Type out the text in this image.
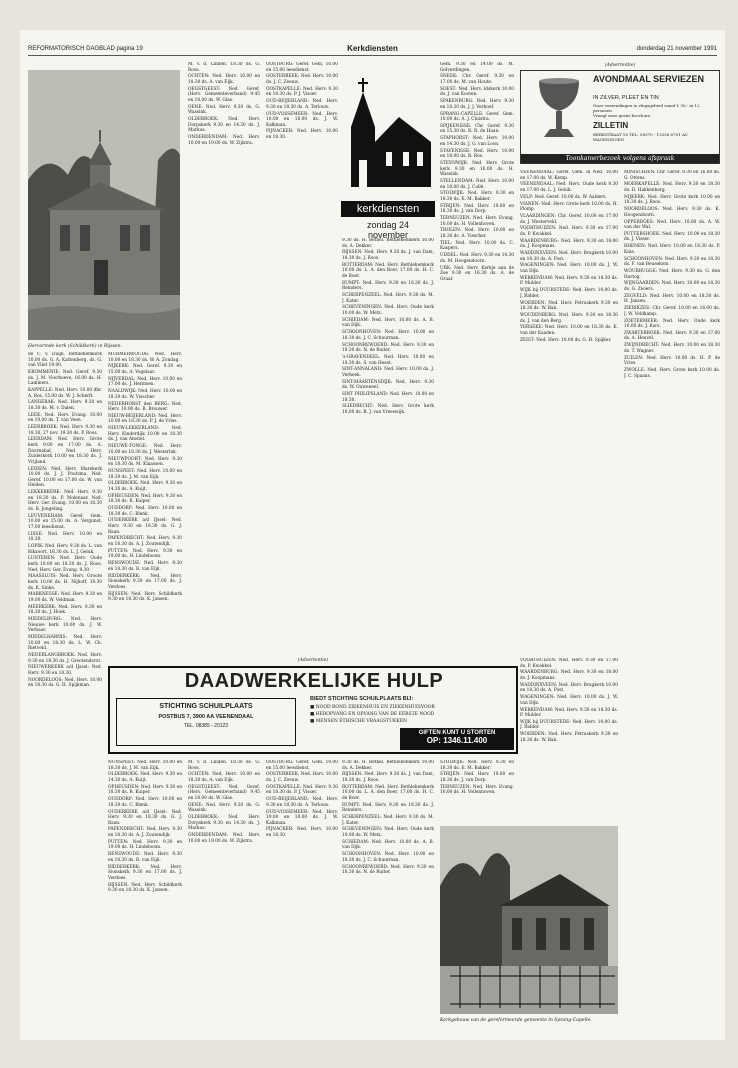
REFORMATORISCH DAGBLAD pagina 19	Kerkdiensten	donderdag 21 november 1991
Hervormde kerk (Schildkerk) in Rijssen.

de C. v. Duijn. Bethlehemkerk 10.00 ds. G. A. Kattenberg, ds. G. van Vliet 19.00.

KROMMENIE: Ned. Geref. 9.30 ds. J. M. Voorhoeve, 16.00 ds. H. Lammers.

KAPPELLE: Ned. Herv. 10.00 dhr. A. Ros, 15.00 ds. W. J. Scherft.

LANGERAK: Ned. Herv. 9.30 en 18.30 ds. M. v. Dalen.

LEEK: Ned. Herv. Evang. 10.00 en 19.00 ds. T. van Veen.

LEERBROEK: Ned. Herv. 9.30 en 18.30, 27 nov. 19.30 ds. P. Roos.

LEERDAM: Ned. Herv. Grote kerk 9.00 en 17.00 ds. A. Doornebal, Ned. Herv. Zuiderkerk 10.00 en 18.30 ds. J. Vrijland.

LEIDEN: Ned. Herv. Marekerk 10.00 ds. J. J. Poutsma, Ned. Geref. 10.00 en 17.00 ds. W. van Helden.

LEKKERKERK: Ned. Herv. 9.30 en 18.30 ds. P. Molenaar. Ned. Herv. Ger. Evang. 10.00 en 18.30 ds. B. Jongeling.

LEUVENEHAM: Geref. Gem. 10.00 en 15.00 ds. A. Vergunst, 17.00 leesdienst.

LISSE: Ned. Herv. 10.00 en 18.30.

LOPIK: Ned. Herv. 9.30 ds. L. van Rikxoort, 18.30 ds. L. J. Geluk.

LUNTEREN: Ned. Herv. Oude kerk 10.00 en 18.30 ds. J. Roos. Ned. Herv. Ger. Evang. 9.30.

MAASSLUIS: Ned. Herv. Groote kerk 10.00 ds. H. Nijhoff, 18.30 ds. K. Sinke.

MARKNESSE: Ned. Herv. 9.30 en 19.00 ds. W. Veldman.

MEERKERK: Ned. Herv. 9.30 en 18.30 ds. J. Hoek.

MIDDELBURG: Ned. Herv. Nieuwe kerk 10.00 ds. J. W. Verhaar.

MIDDELHARNIS: Ned. Herv. 10.00 en 18.30 ds. L. W. Ch. Rietveld.

NEDERLANGBROEK: Ned. Herv. 9.30 en 18.30 ds. J. Grootendorst.

NIEUWERKERK a/d IJssel: Ned. Herv. 9.30 en 18.30.

NOORDELOOS: Ned. Herv. 10.00 en 18.30 ds. G. H. Spijkman.

MURMERWOUDE: Ned. Herv. 10.00 en 18.30 ds. W. A. Zondag.

NIJKERK: Ned. Geref. 9.30 en 15.00 ds. A. Vogelaar.

NIJVERDAL: Ned. Herv. 10.00 en 17.00 ds. J. Hermsen.

NAALDWIJK: Ned. Herv. 10.00 en 18.30 ds. W. Visscher.

NEDERHORST den BERG: Ned. Herv. 10.00 ds. R. Brouwer.

NIEUW-BEIJERLAND: Ned. Herv. 10.00 en 18.30 ds. P. J. de Vries.

NIEUW-LEKKERLAND: Ned. Herv. Kinderdijk 10.00 en 18.30 ds. J. van Amstel.

NIEUWE-TONGE: Ned. Herv. 10.00 en 18.30 ds. J. Westerink.

NIEUWPOORT: Ned. Herv. 9.30 en 18.30 ds. M. Klaassen.

NUNSPEET: Ned. Herv. 10.00 en 18.30 ds. J. M. van Eijk.

OLDEBROEK: Ned. Herv. 9.30 en 14.30 ds. A. Kuijt.

OPHEUSDEN: Ned. Herv. 9.30 en 18.30 ds. R. Kuiper.

OUDDORP: Ned. Herv. 10.00 en 18.30 ds. C. Blenk.

OUDERKERK a/d IJssel: Ned. Herv. 9.30 en 18.30 ds. G. J. Baan.

PAPENDRECHT: Ned. Herv. 9.30 en 18.30 ds. A. J. Zoutendijk.

PUTTEN: Ned. Herv. 9.30 en 19.00 ds. H. Lindeboom.

RENSWOUDE: Ned. Herv. 9.30 en 18.30 ds. B. van Eijk.

RIDDERKERK: Ned. Herv. Sionskerk 9.30 en 17.00 ds. J. Verdoes.

RIJSSEN: Ned. Herv. Schildkerk 9.30 en 18.30 ds. K. Jansen.

M. v. d. Linden. 18.30 ds. G. Roos.

OCHTEN: Ned. Herv. 10.00 en 18.30 ds. A. van Eijk.

OEGSTGEEST: Ned. Geref. (Herv. Gemeenteverband) 9.45 en 18.00 ds. W. Glas.

OENE: Ned. Herv. 9.30 ds. G. Wassink.

OLDEBROEK: Ned. Herv. Dorpskerk 9.30 en 14.30 ds. J. Markus.

ONDERDENDAM: Ned. Herv. 10.00 en 19.00 ds. W. Zijlstra.

OOSTBURG: Geref. Gem. 10.00 en 15.00 leesdienst.

OOSTERBEEK: Ned. Herv. 10.00 ds. J. C. Zeeuw.

OOSTKAPELLE: Ned. Herv. 9.30 en 18.30 ds. P. J. Visser.

OUD-BEIJERLAND: Ned. Herv. 9.30 en 18.30 ds. A. Terlouw.

OUD-VOSSEMEER: Ned. Herv. 10.00 en 18.00 ds. J. W. Kalkman.

PIJNACKER: Ned. Herv. 10.00 en 18.30.

kerkdiensten
zondag 24 november

9.30 ds. H. Bethel. Bethlehemkerk 10.00 ds. A. Dekker.

RIJSSEN: Ned. Herv. 9.30 ds. J. van Dam, 18.30 ds. J. Roos.

ROTTERDAM: Ned. Herv. Bethlehemkerk 10.00 ds. L. A. den Boer, 17.00 ds. H. C. de Boer.

RUMPT: Ned. Herv. 9.30 en 18.30 ds. J. Reinders.

SCHERPENZEEL: Ned. Herv. 9.30 ds. M. J. Kater.

SCHEVENINGEN: Ned. Herv. Oude kerk 10.00 ds. W. Metz.

SCHIEDAM: Ned. Herv. 10.00 ds. A. B. van Dijk.

SCHOONHOVEN: Ned. Herv. 10.00 en 18.30 ds. J. C. Schuurman.

SCHOONREWOERD: Ned. Herv. 9.30 en 18.30 ds. N. de Ruiter.

's-GRAVENDEEL: Ned. Herv. 10.00 en 18.30 ds. S. van Heest.

SINT-ANNALAND: Ned. Herv. 10.00 ds. J. Verbeek.

SINT-MAARTENSDIJK: Ned. Herv. 9.30 ds. W. Ouweneel.

SINT PHILIPSLAND: Ned. Herv. 10.00 en 18.30.

SLIEDRECHT: Ned. Herv. Grote kerk 10.00 ds. B. J. van Vreeswijk.

Gem. 9.30 en 14.00 ds. M. Golverdingen.

SNEEK: Chr. Geref. 9.30 en 17.00 ds. M. van Houte.

SOEST: Ned. Herv. Idskerk 10.00 ds. J. van Kooten.

SPAKENBURG: Ned. Herv. 9.30 en 18.30 ds. J. J. Verhoef.

SPRANG-CAPELLE: Geref. Gem. 10.00 ds. A. J. Cluistra.

SPIJKENISSE: Chr. Geref. 9.30 en 15.30 ds. R. R. de Haan.

STAPHORST: Ned. Herv. 10.00 en 14.30 ds. J. G. van Loon.

STAVENISSE: Ned. Herv. 10.00 en 18.00 ds. R. Ros.

STEENWIJK: Ned. Herv. Grote kerk 9.30 en 16.00 ds. H. Wassink.

STELLENDAM: Ned. Herv. 10.00 en 18.00 ds. J. Collé.

STOLWIJK: Ned. Herv. 9.30 en 18.30 ds. E. M. Bakker.

STRIJEN: Ned. Herv. 10.00 en 18.30 ds. J. van Dorp.

TERNEUZEN: Ned. Herv. Evang. 10.00 ds. H. Vollenhoven.

THOLEN: Ned. Herv. 10.00 en 18.30 ds. A. Visscher.

TIEL: Ned. Herv. 10.00 ds. C. Kaspers.

UDDEL: Ned. Herv. 9.30 en 14.30 ds. M. Hoogendoorn.

URK: Ned. Herv. Kerkje aan de Zee 9.30 en 16.30 ds. A. de Graaf.

(Advertentie)
AVONDMAAL SERVIEZEN
IN ZILVER, PLEET EN TIN
Onze verzendingen in vlugsgebied vanaf f. 50,- in 12 personen
Vraagt onze gratis brochure
ZILLETIN
BERKSTRAAT 16 TEL. 08370 - 13336 6701 AC WAGENINGEN
Toonkamerbezoek volgens afspraak

VEENENDAAL: Geref. Gem. in Ned. 10.00 en 17.00 ds. W. Kemp.

VEENENDAAL: Ned. Herv. Oude kerk 9.30 en 17.00 ds. L. J. Geluk.

VELP: Ned. Geref. 10.00 ds. W. Aalders.

VIANEN: Ned. Herv. Grote kerk 10.00 ds. H. Plomp.

VLAARDINGEN: Chr. Geref. 10.00 en 17.00 ds. J. Westerveld.

VOORTHUIZEN: Ned. Herv. 9.30 en 17.00 ds. P. Kwakkel.

WAARDENBURG: Ned. Herv. 9.30 en 18.00 ds. J. Koopmans.

WADDINXVEEN: Ned. Herv. Brugkerk 10.00 en 18.30 ds. A. Post.

WAGENINGEN: Ned. Herv. 10.00 ds. J. W. van Dijk.

WERKENDAM: Ned. Herv. 9.30 en 18.30 ds. P. Mulder.

WIJK bij DUURSTEDE: Ned. Herv. 10.00 ds. J. Ridder.

WOERDEN: Ned. Herv. Petruskerk 9.30 en 18.30 ds. W. Bak.

WOUDENBERG: Ned. Herv. 9.30 en 18.30 ds. J. van den Berg.

YERSEKE: Ned. Herv. 10.00 en 18.30 ds. K. van der Kaaden.

ZEIST: Ned. Herv. 10.00 ds. G. H. Spijker.

MINISCHIEN: Chr. Geref. 9.30 en 16.00 ds. G. Ottens.

MOERKAPELLE: Ned. Herv. 9.30 en 18.30 ds. D. Hakkenberg.

NIJKERK: Ned. Herv. Grote kerk 10.00 en 18.30 ds. J. Roos.

NOORDELOOS: Ned. Herv. 9.30 ds. K. Hoogendoorn.

OPPERDOES: Ned. Herv. 10.00 ds. A. W. van der Wal.

PUTTERSHOEK: Ned. Herv. 10.00 en 18.30 ds. J. Visser.

RHENEN: Ned. Herv. 10.00 en 18.30 ds. P. Kats.

SCHOONHOVEN: Ned. Herv. 9.30 en 18.30 ds. F. van Beusekom.

WOUBRUGGE: Ned. Herv. 9.30 ds. G. den Hartog.

WIJNGAARDEN: Ned. Herv. 10.00 en 18.30 ds. G. Zwiers.

ZEGVELD: Ned. Herv. 10.00 en 18.30 ds. H. Jansen.

ZIERIKZEE: Chr. Geref. 10.00 en 16.00 ds. J. W. Veldkamp.

ZOETERMEER: Ned. Herv. Oude kerk 10.00 ds. J. Kors.

ZWARTEBROEK: Ned. Herv. 9.30 en 17.00 ds. A. Heuvel.

ZWIJNDRECHT: Ned. Herv. 10.00 en 18.30 ds. T. Wagner.

ZUILEN: Ned. Herv. 10.00 ds. H. P. de Vries.

ZWOLLE: Ned. Herv. Grote kerk 10.00 ds. J. C. Spaans.

(Advertentie)
DAADWERKELIJKE HULP
BIEDT STICHTING SCHUILPLAATS BIJ:
■ NOOD ROND ZIEKENHUIS EN ZIEKENHUISVOOR
■ HEROPVANG EN OPVANG VAN DE EERSTE NOOD
■ MENSEN ETHISCHE VRAAGSTUKKEN
STICHTING SCHUILPLAATS
POSTBUS 7, 3900 AA VEENENDAAL
TEL. 08385 - 20123
GIFTEN KUNT U STORTEN
OP: 1346.11.400

NUNSPEET: Ned. Herv. 10.00 en 18.30 ds. J. M. van Eijk.

OLDEBROEK: Ned. Herv. 9.30 en 14.30 ds. A. Kuijt.

OPHEUSDEN: Ned. Herv. 9.30 en 18.30 ds. R. Kuiper.

OUDDORP: Ned. Herv. 10.00 en 18.30 ds. C. Blenk.

OUDERKERK a/d IJssel: Ned. Herv. 9.30 en 18.30 ds. G. J. Baan.

PAPENDRECHT: Ned. Herv. 9.30 en 18.30 ds. A. J. Zoutendijk.

PUTTEN: Ned. Herv. 9.30 en 19.00 ds. H. Lindeboom.

RENSWOUDE: Ned. Herv. 9.30 en 18.30 ds. B. van Eijk.

RIDDERKERK: Ned. Herv. Sionskerk 9.30 en 17.00 ds. J. Verdoes.

RIJSSEN: Ned. Herv. Schildkerk 9.30 en 18.30 ds. K. Jansen.

M. v. d. Linden. 18.30 ds. G. Roos.

OCHTEN: Ned. Herv. 10.00 en 18.30 ds. A. van Eijk.

OEGSTGEEST: Ned. Geref. (Herv. Gemeenteverband) 9.45 en 18.00 ds. W. Glas.

OENE: Ned. Herv. 9.30 ds. G. Wassink.

OLDEBROEK: Ned. Herv. Dorpskerk 9.30 en 14.30 ds. J. Markus.

ONDERDENDAM: Ned. Herv. 10.00 en 19.00 ds. W. Zijlstra.

OOSTBURG: Geref. Gem. 10.00 en 15.00 leesdienst.

OOSTERBEEK: Ned. Herv. 10.00 ds. J. C. Zeeuw.

OOSTKAPELLE: Ned. Herv. 9.30 en 18.30 ds. P. J. Visser.

OUD-BEIJERLAND: Ned. Herv. 9.30 en 18.30 ds. A. Terlouw.

OUD-VOSSEMEER: Ned. Herv. 10.00 en 18.00 ds. J. W. Kalkman.

PIJNACKER: Ned. Herv. 10.00 en 18.30.

9.30 ds. H. Bethel. Bethlehemkerk 10.00 ds. A. Dekker.

RIJSSEN: Ned. Herv. 9.30 ds. J. van Dam, 18.30 ds. J. Roos.

ROTTERDAM: Ned. Herv. Bethlehemkerk 10.00 ds. L. A. den Boer, 17.00 ds. H. C. de Boer.

RUMPT: Ned. Herv. 9.30 en 18.30 ds. J. Reinders.

SCHERPENZEEL: Ned. Herv. 9.30 ds. M. J. Kater.

SCHEVENINGEN: Ned. Herv. Oude kerk 10.00 ds. W. Metz.

SCHIEDAM: Ned. Herv. 10.00 ds. A. B. van Dijk.

SCHOONHOVEN: Ned. Herv. 10.00 en 18.30 ds. J. C. Schuurman.

SCHOONREWOERD: Ned. Herv. 9.30 en 18.30 ds. N. de Ruiter.

STOLWIJK: Ned. Herv. 9.30 en 18.30 ds. E. M. Bakker.

STRIJEN: Ned. Herv. 10.00 en 18.30 ds. J. van Dorp.

TERNEUZEN: Ned. Herv. Evang. 10.00 ds. H. Vollenhoven.

VOORTHUIZEN: Ned. Herv. 9.30 en 17.00 ds. P. Kwakkel.

WAARDENBURG: Ned. Herv. 9.30 en 18.00 ds. J. Koopmans.

WADDINXVEEN: Ned. Herv. Brugkerk 10.00 en 18.30 ds. A. Post.

WAGENINGEN: Ned. Herv. 10.00 ds. J. W. van Dijk.

WERKENDAM: Ned. Herv. 9.30 en 18.30 ds. P. Mulder.

WIJK bij DUURSTEDE: Ned. Herv. 10.00 ds. J. Ridder.

WOERDEN: Ned. Herv. Petruskerk 9.30 en 18.30 ds. W. Bak.

Kerkgebouw van de gereformeerde gemeente in Sprang-Capelle.
